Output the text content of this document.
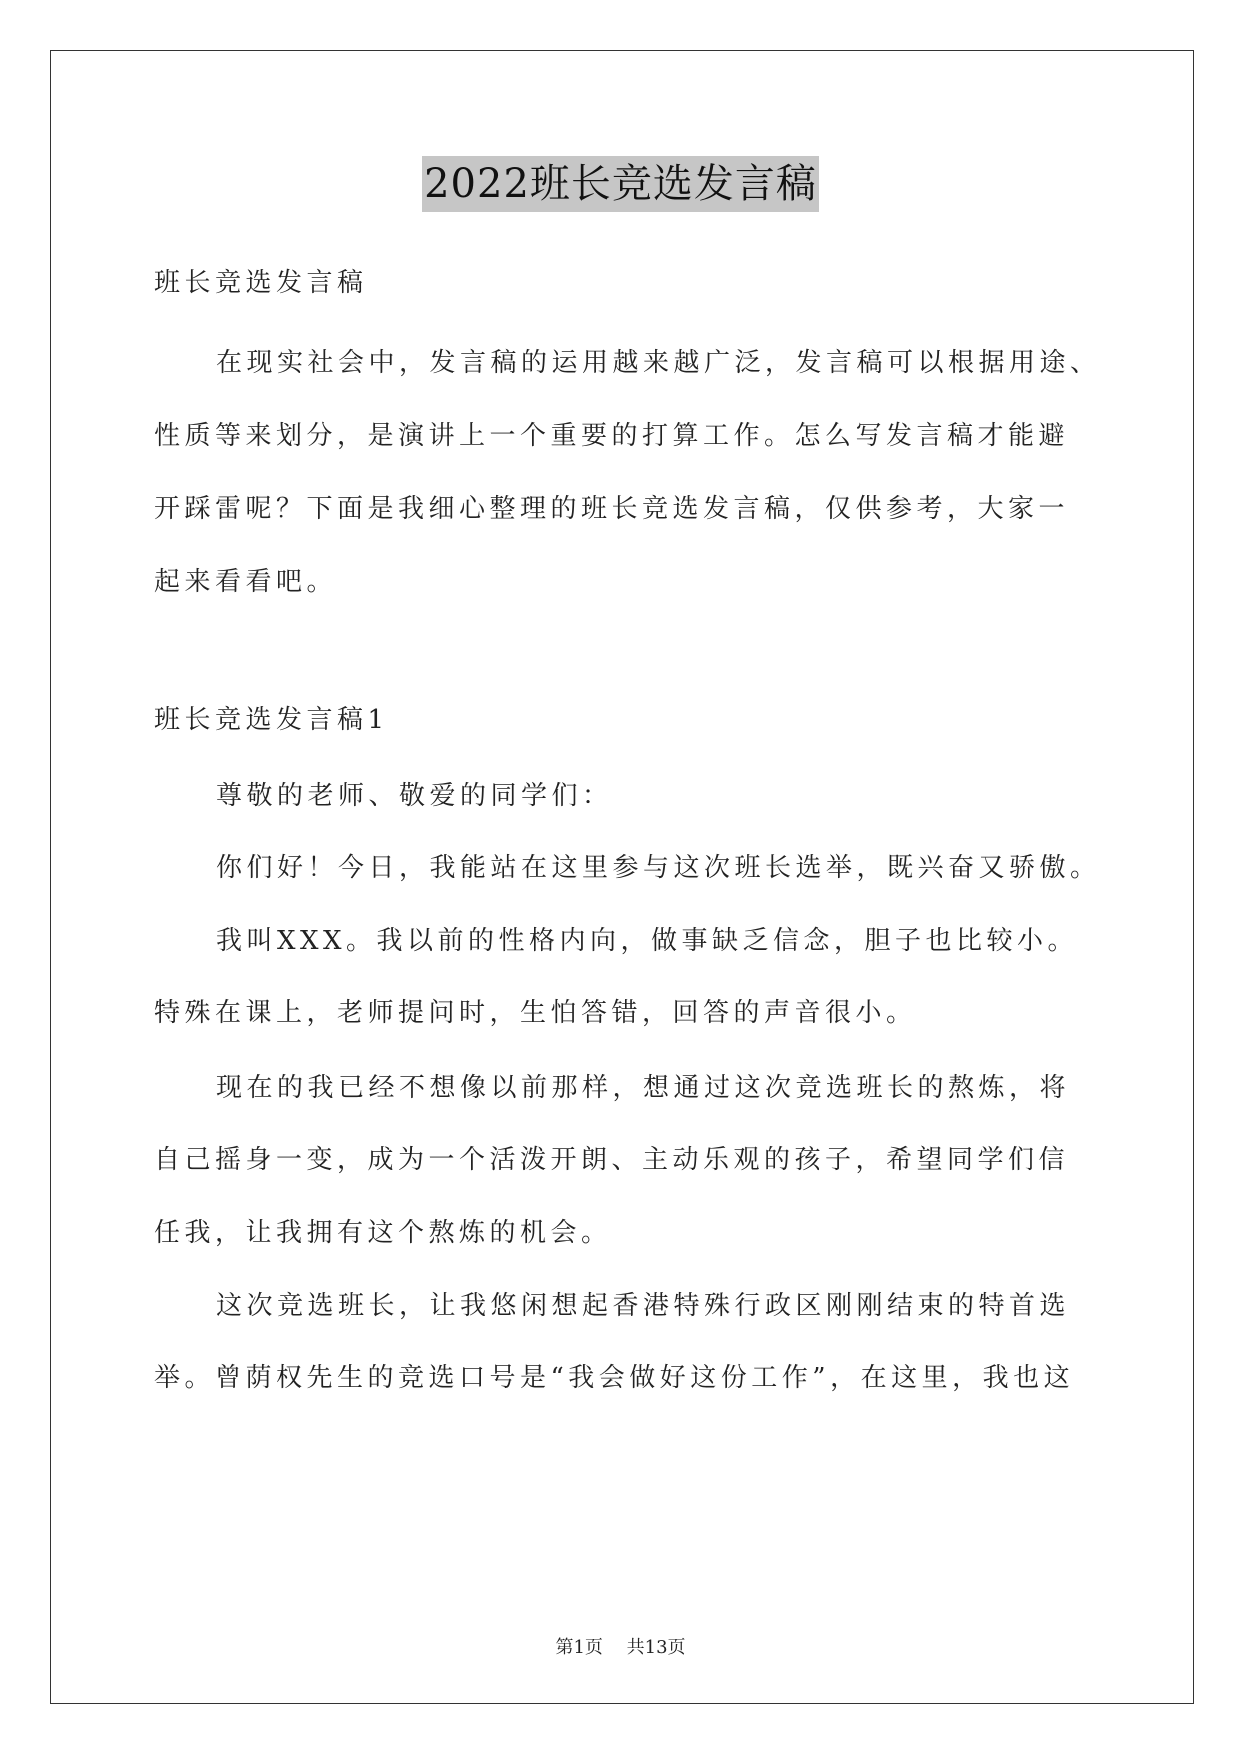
2022班长竞选发言稿
班长竞选发言稿
在现实社会中，发言稿的运用越来越广泛，发言稿可以根据用途、
性质等来划分，是演讲上一个重要的打算工作。怎么写发言稿才能避
开踩雷呢？下面是我细心整理的班长竞选发言稿，仅供参考，大家一
起来看看吧。
班长竞选发言稿1
尊敬的老师、敬爱的同学们：
你们好！今日，我能站在这里参与这次班长选举，既兴奋又骄傲。
我叫XXX。我以前的性格内向，做事缺乏信念，胆子也比较小。
特殊在课上，老师提问时，生怕答错，回答的声音很小。
现在的我已经不想像以前那样，想通过这次竞选班长的熬炼，将
自己摇身一变，成为一个活泼开朗、主动乐观的孩子，希望同学们信
任我，让我拥有这个熬炼的机会。
这次竞选班长，让我悠闲想起香港特殊行政区刚刚结束的特首选
举。曾荫权先生的竞选口号是“我会做好这份工作”，在这里，我也这
第1页 共13页
